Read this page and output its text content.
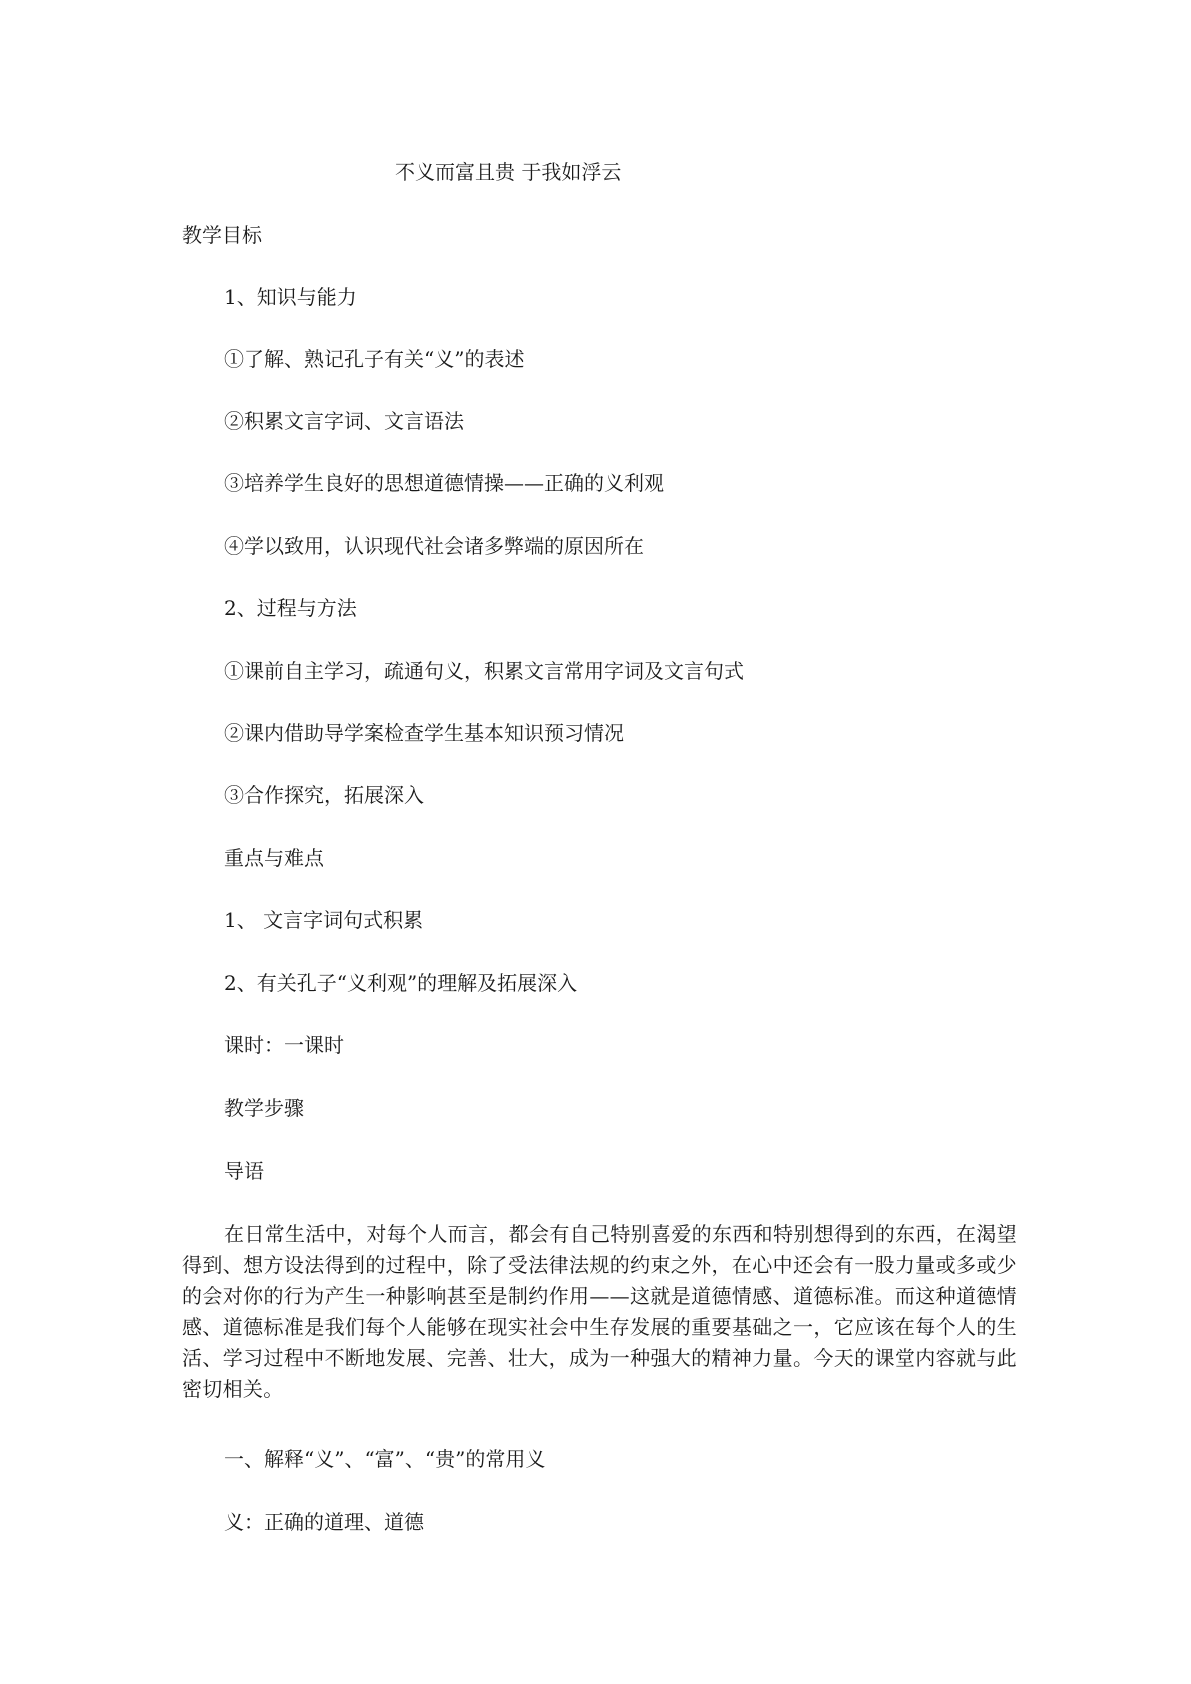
不义而富且贵 于我如浮云
教学目标
1、知识与能力
①了解、熟记孔子有关“义”的表述
②积累文言字词、文言语法
③培养学生良好的思想道德情操——正确的义利观
④学以致用，认识现代社会诸多弊端的原因所在
2、过程与方法
①课前自主学习，疏通句义，积累文言常用字词及文言句式
②课内借助导学案检查学生基本知识预习情况
③合作探究，拓展深入
重点与难点
1、 文言字词句式积累
2、有关孔子“义利观”的理解及拓展深入
课时：一课时
教学步骤
导语
在日常生活中，对每个人而言，都会有自己特别喜爱的东西和特别想得到的东西，在渴望得到、想方设法得到的过程中，除了受法律法规的约束之外，在心中还会有一股力量或多或少的会对你的行为产生一种影响甚至是制约作用——这就是道德情感、道德标准。而这种道德情感、道德标准是我们每个人能够在现实社会中生存发展的重要基础之一，它应该在每个人的生活、学习过程中不断地发展、完善、壮大，成为一种强大的精神力量。今天的课堂内容就与此密切相关。
一、解释“义”、“富”、“贵”的常用义
义：正确的道理、道德
